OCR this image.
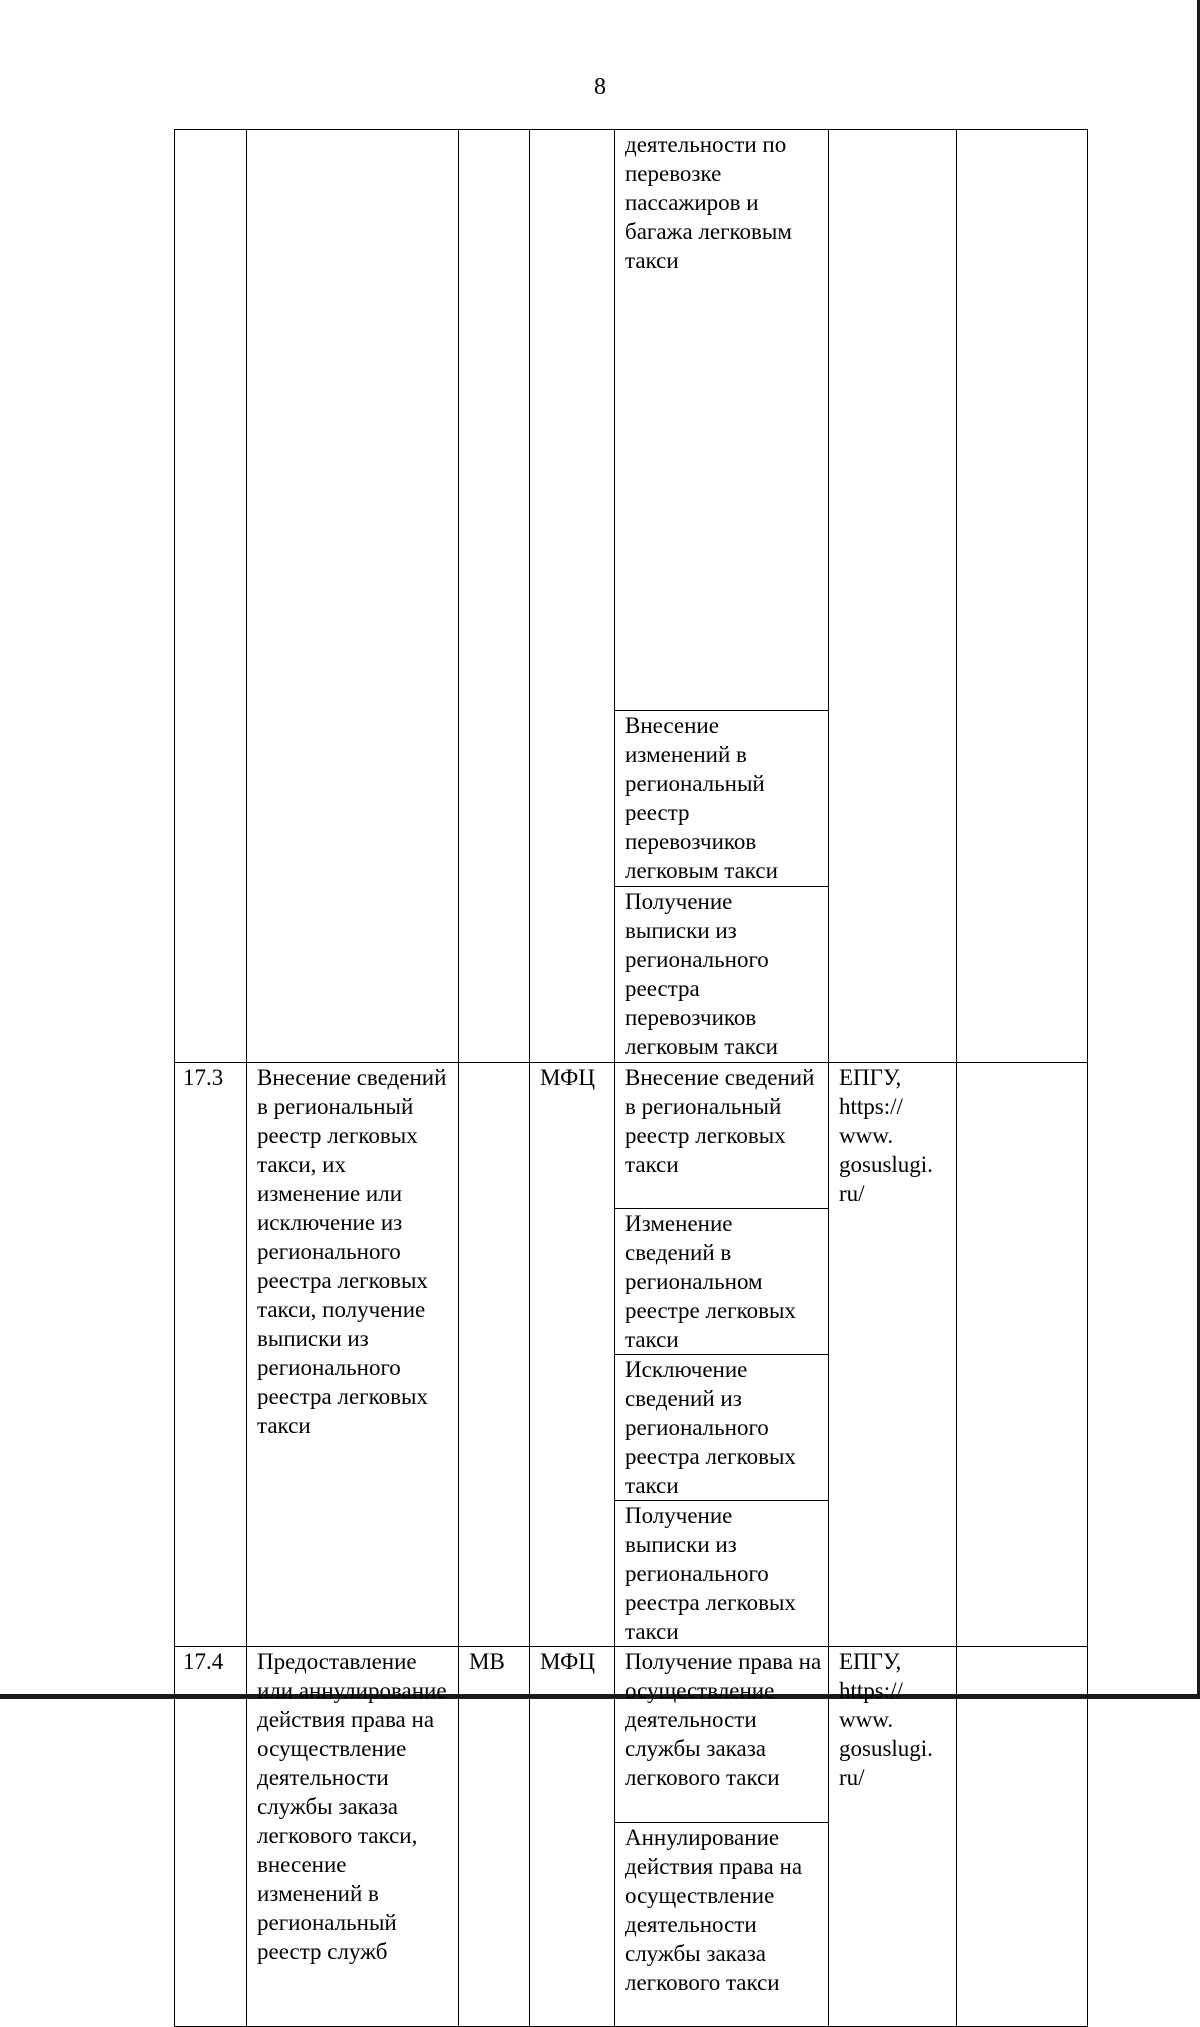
8

				деятельности по перевозке пассажиров и багажа легковым такси		

				Внесение изменений в региональный реестр перевозчиков легковым такси		

				Получение выписки из регионального реестра перевозчиков легковым такси		

17.3	Внесение сведений в региональный реестр легковых такси, их изменение или исключение из регионального реестра легковых такси, получение выписки из регионального реестра легковых такси		МФЦ	Внесение сведений в региональный реестр легковых такси	ЕПГУ, https:// www. gosuslugi. ru/	

				Изменение сведений в региональном реестре легковых такси		

				Исключение сведений из регионального реестра легковых такси		

				Получение выписки из регионального реестра легковых такси		

17.4	Предоставление или аннулирование действия права на осуществление деятельности службы заказа легкового такси, внесение изменений в региональный реестр служб	МВ	МФЦ	Получение права на осуществление деятельности службы заказа легкового такси	ЕПГУ, https:// www. gosuslugi. ru/	

				Аннулирование действия права на осуществление деятельности службы заказа легкового такси		
